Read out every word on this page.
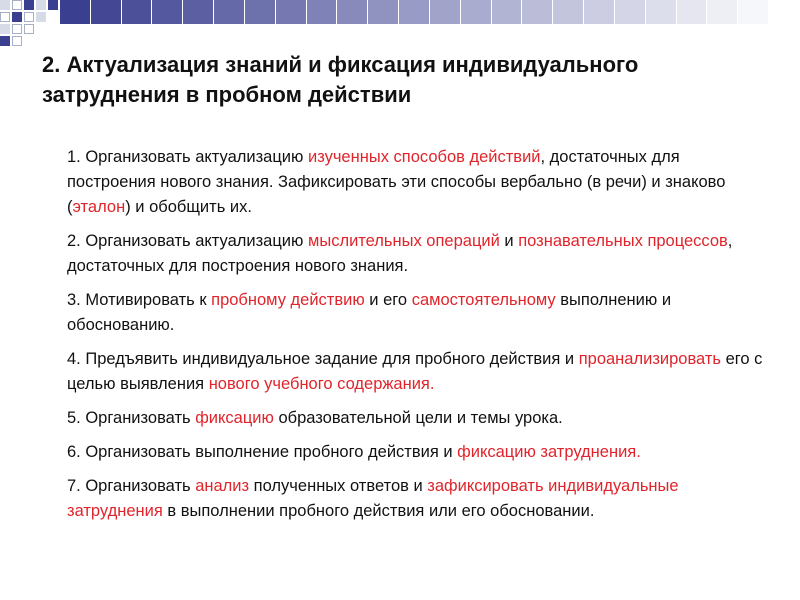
2. Актуализация знаний и фиксация индивидуального затруднения в пробном действии

1. Организовать актуализацию изученных способов действий, достаточных для построения нового знания. Зафиксировать эти способы вербально (в речи) и знаково (эталон) и обобщить их.

2. Организовать актуализацию мыслительных операций и познавательных процессов, достаточных для построения нового знания.

3. Мотивировать к пробному действию и его самостоятельному выполнению и обоснованию.

4. Предъявить индивидуальное задание для пробного действия и проанализировать его с целью выявления нового учебного содержания.

5. Организовать фиксацию образовательной цели и темы урока.

6. Организовать выполнение пробного действия и фиксацию затруднения.

7. Организовать анализ полученных ответов и зафиксировать индивидуальные затруднения в выполнении пробного действия или его обосновании.
